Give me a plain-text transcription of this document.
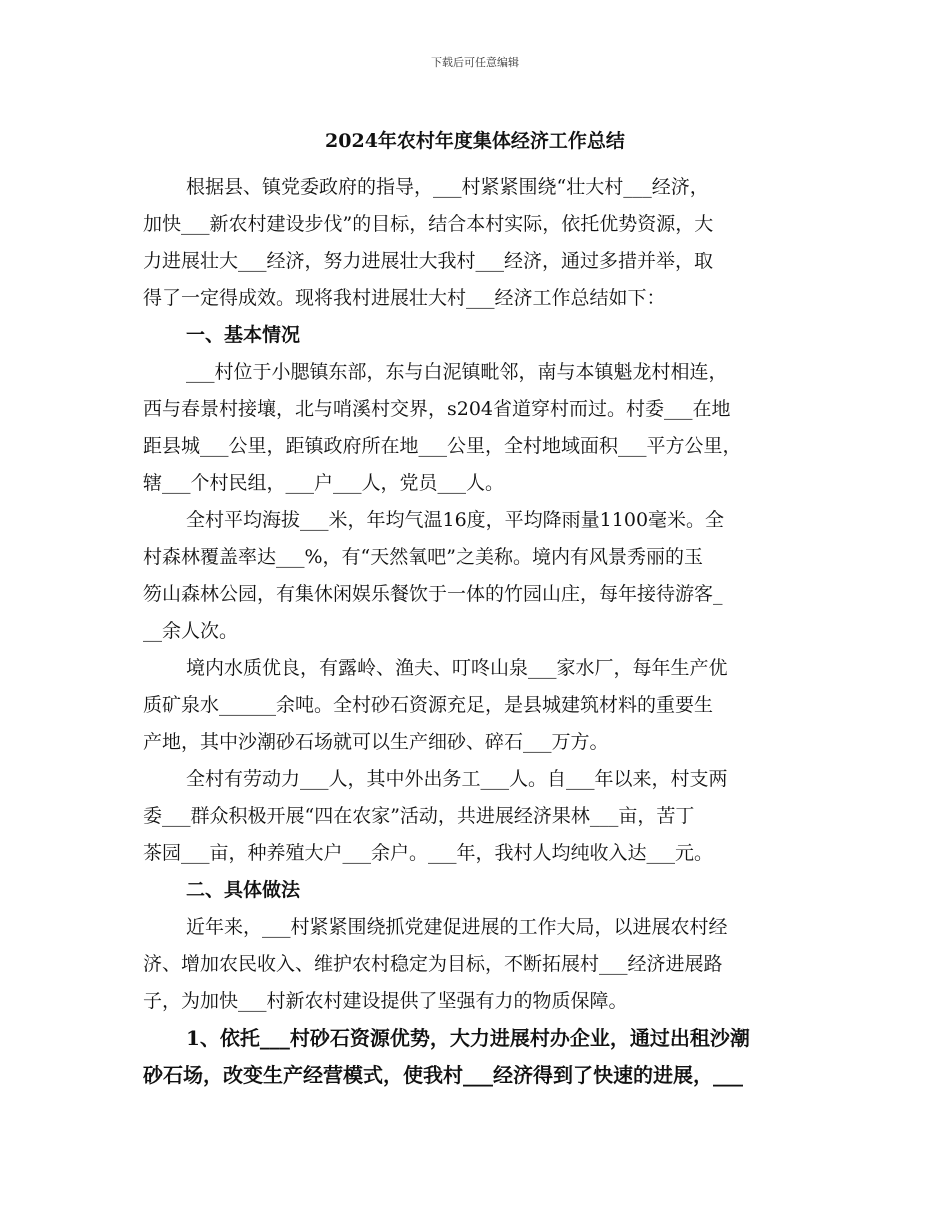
下载后可任意编辑
2024年农村年度集体经济工作总结
根据县、镇党委政府的指导，___村紧紧围绕“壮大村___经济，
加快___新农村建设步伐”的目标，结合本村实际，依托优势资源，大
力进展壮大___经济，努力进展壮大我村___经济，通过多措并举，取
得了一定得成效。现将我村进展壮大村___经济工作总结如下：
一、基本情况
___村位于小腮镇东部，东与白泥镇毗邻，南与本镇魁龙村相连，
西与春景村接壤，北与哨溪村交界，s204省道穿村而过。村委___在地
距县城___公里，距镇政府所在地___公里，全村地域面积___平方公里，
辖___个村民组，___户___人，党员___人。
全村平均海拔___米，年均气温16度，平均降雨量1100毫米。全
村森林覆盖率达___%，有“天然氧吧”之美称。境内有风景秀丽的玉
笏山森林公园，有集休闲娱乐餐饮于一体的竹园山庄，每年接待游客_
__余人次。
境内水质优良，有露岭、渔夫、叮咚山泉___家水厂，每年生产优
质矿泉水______余吨。全村砂石资源充足，是县城建筑材料的重要生
产地，其中沙潮砂石场就可以生产细砂、碎石___万方。
全村有劳动力___人，其中外出务工___人。自___年以来，村支两
委___群众积极开展“四在农家”活动，共进展经济果林___亩，苦丁
茶园___亩，种养殖大户___余户。___年，我村人均纯收入达___元。
二、具体做法
近年来，___村紧紧围绕抓党建促进展的工作大局，以进展农村经
济、增加农民收入、维护农村稳定为目标，不断拓展村___经济进展路
子，为加快___村新农村建设提供了坚强有力的物质保障。
1、依托___村砂石资源优势，大力进展村办企业，通过出租沙潮
砂石场，改变生产经营模式，使我村___经济得到了快速的进展，___
